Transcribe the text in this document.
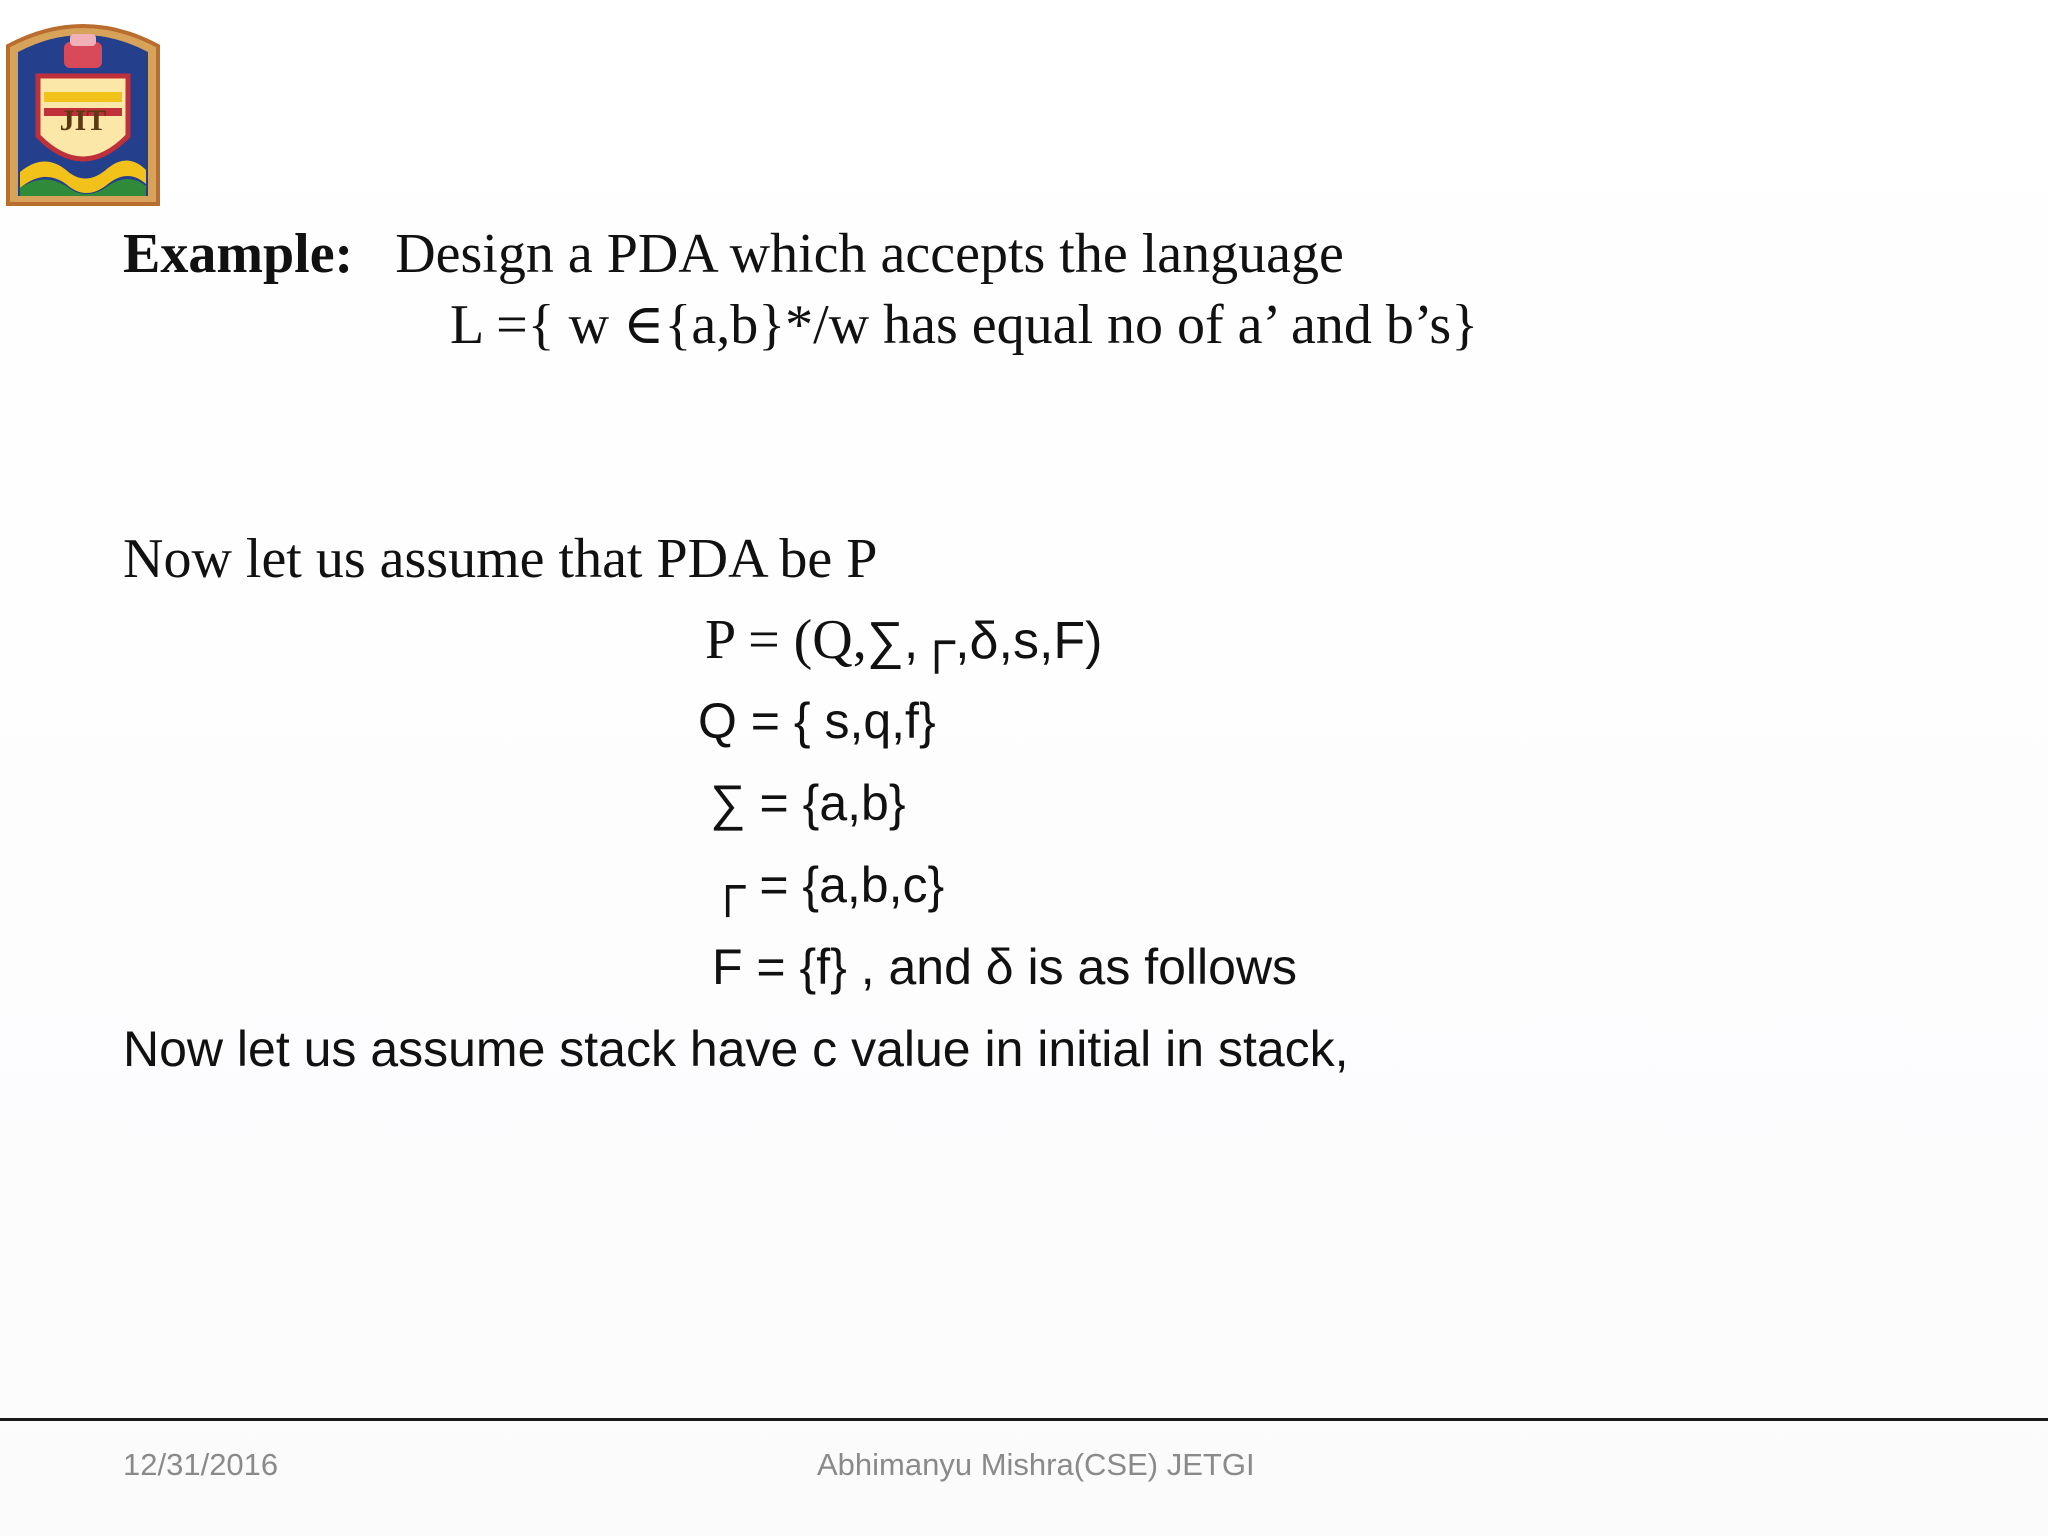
JIT
Example: Design a PDA which accepts the language
L ={ w ∈{a,b}*/w has equal no of a’ and b’s}
Now let us assume that PDA be P
P = (Q,∑,┌,δ,s,F)
Q = { s,q,f}
∑ = {a,b}
┌ = {a,b,c}
F = {f} , and δ is as follows
Now let us assume stack have c value in initial in stack,
12/31/2016	Abhimanyu Mishra(CSE) JETGI
